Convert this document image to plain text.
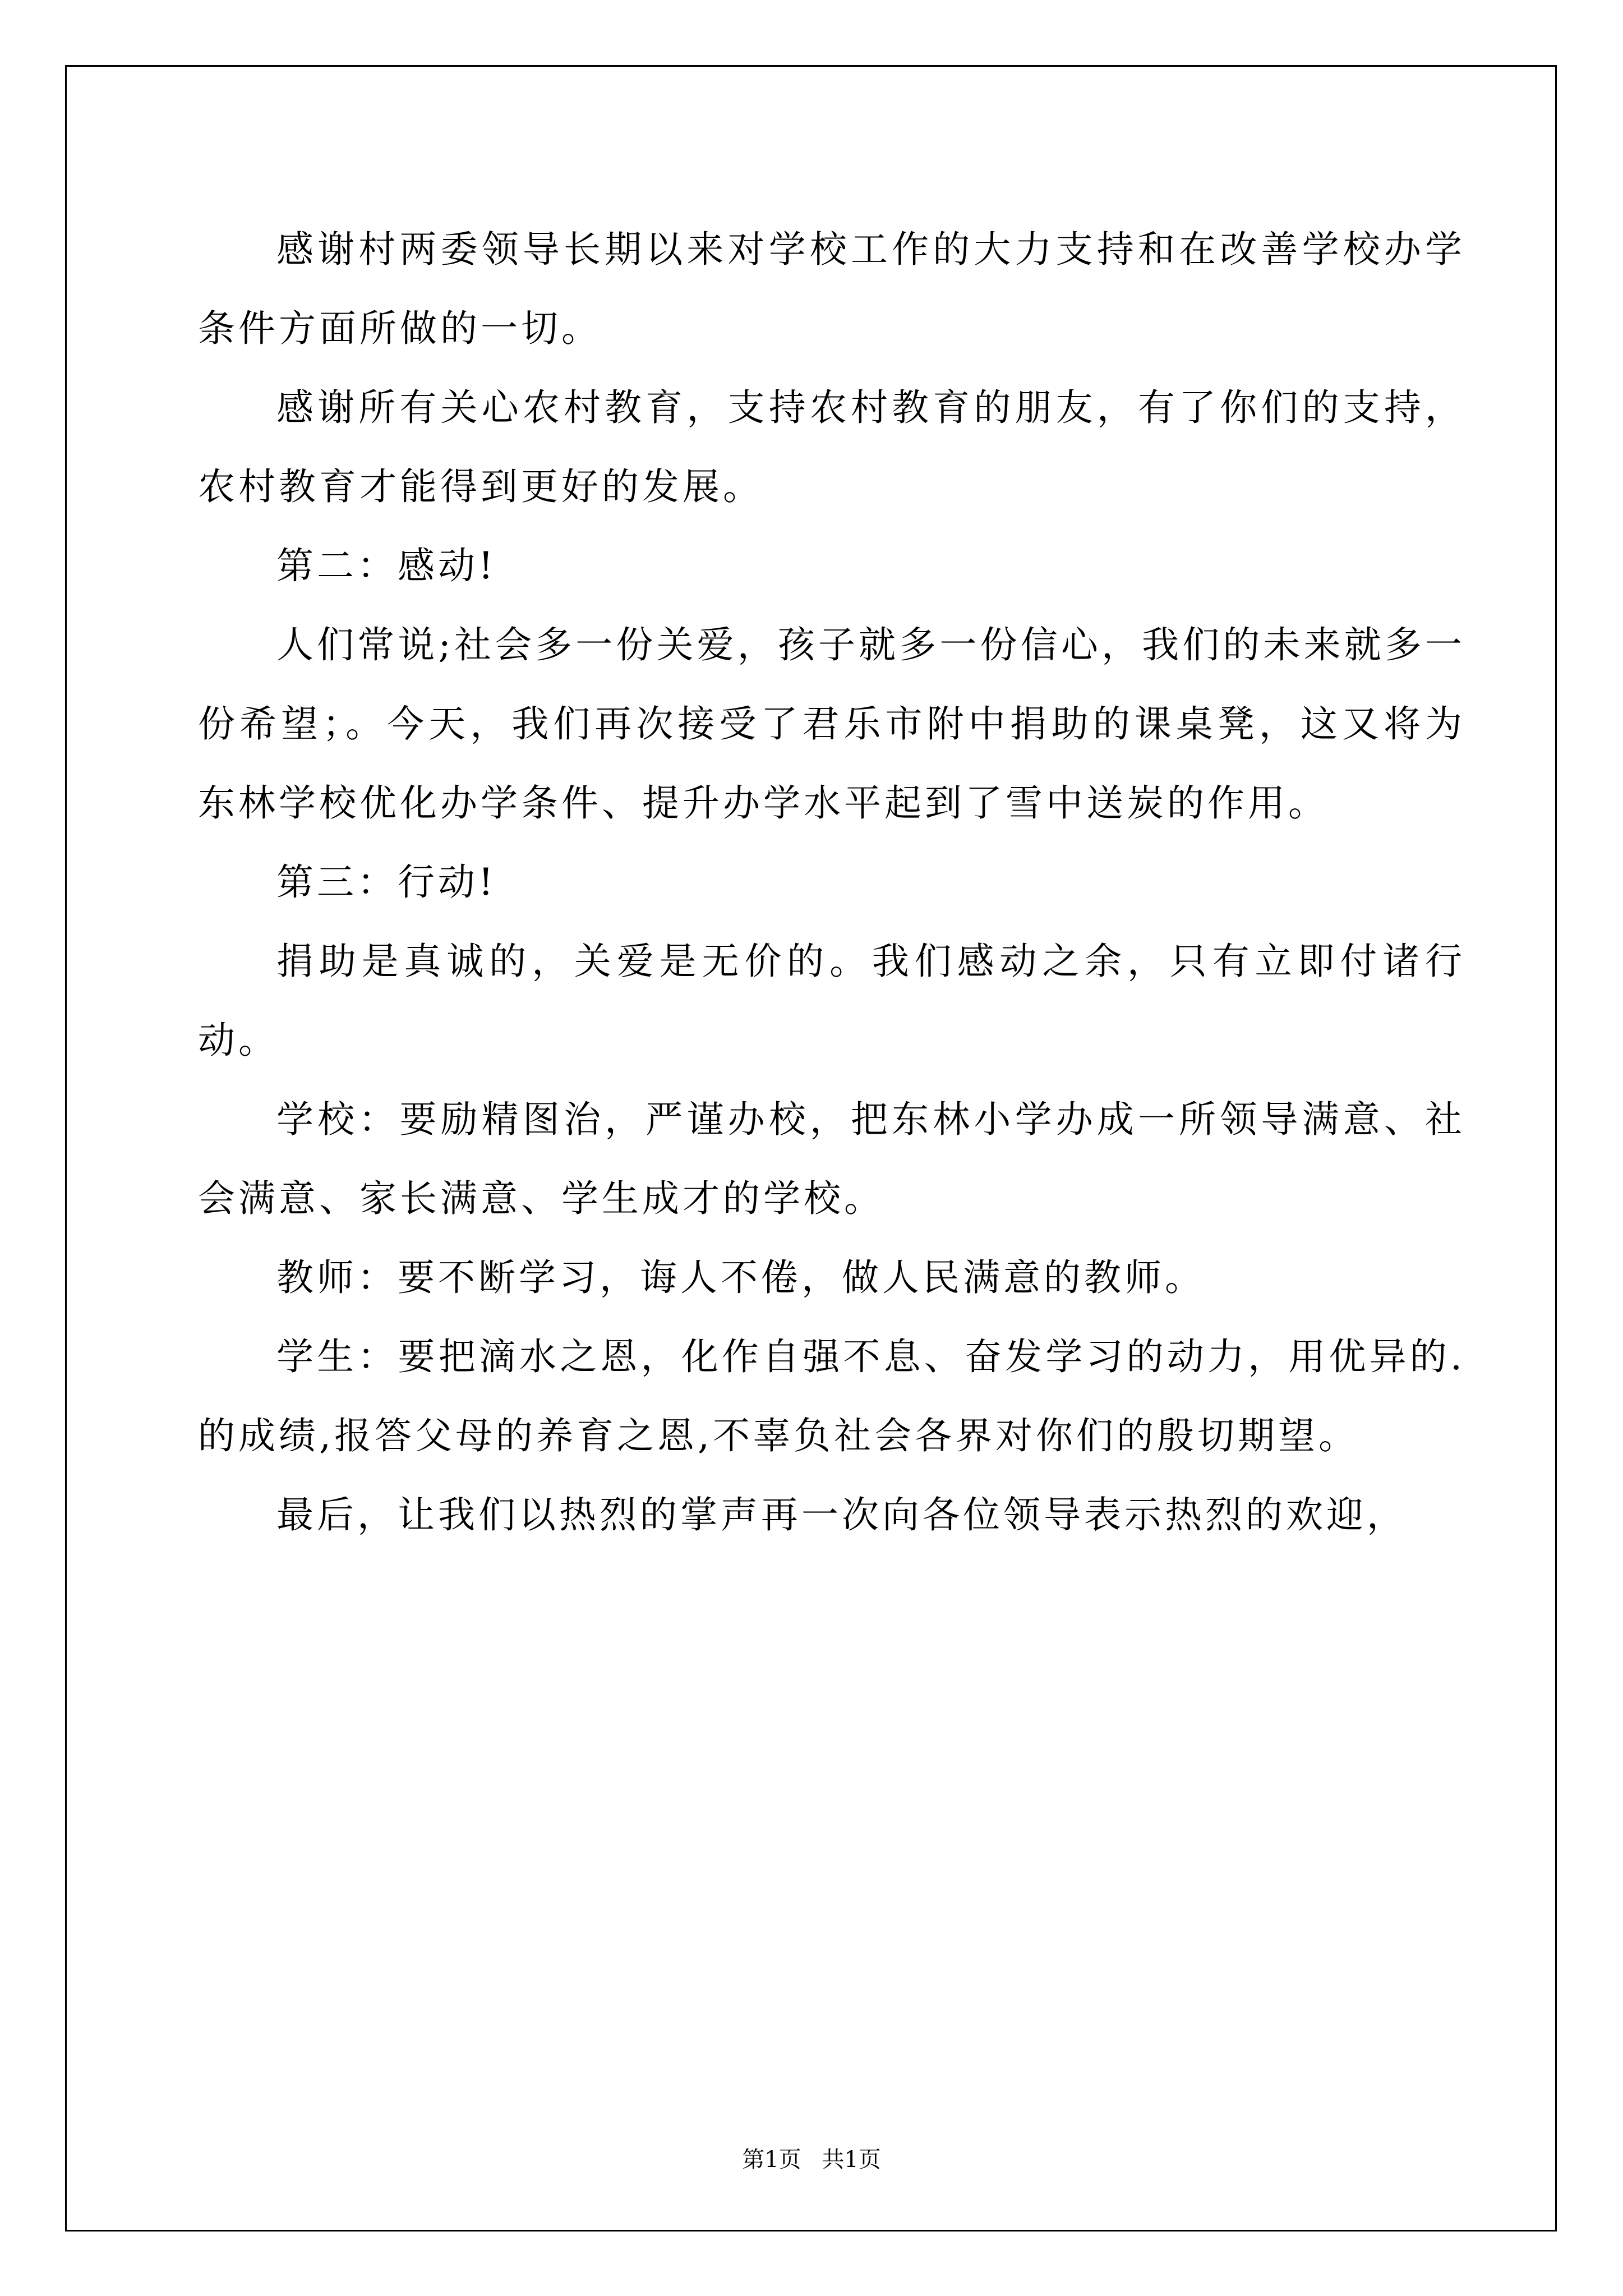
感谢村两委领导长期以来对学校工作的大力支持和在改善学校办学条件方面所做的一切。

感谢所有关心农村教育，支持农村教育的朋友，有了你们的支持，农村教育才能得到更好的发展。

第二：感动!

人们常说;社会多一份关爱，孩子就多一份信心，我们的未来就多一份希望；。今天，我们再次接受了君乐市附中捐助的课桌凳，这又将为东林学校优化办学条件、提升办学水平起到了雪中送炭的作用。

第三：行动!

捐助是真诚的，关爱是无价的。我们感动之余，只有立即付诸行动。

学校：要励精图治，严谨办校，把东林小学办成一所领导满意、社会满意、家长满意、学生成才的学校。

教师：要不断学习，诲人不倦，做人民满意的教师。

学生：要把滴水之恩，化作自强不息、奋发学习的动力，用优异的.的成绩,报答父母的养育之恩,不辜负社会各界对你们的殷切期望。

最后，让我们以热烈的掌声再一次向各位领导表示热烈的欢迎，

第1页 共1页
